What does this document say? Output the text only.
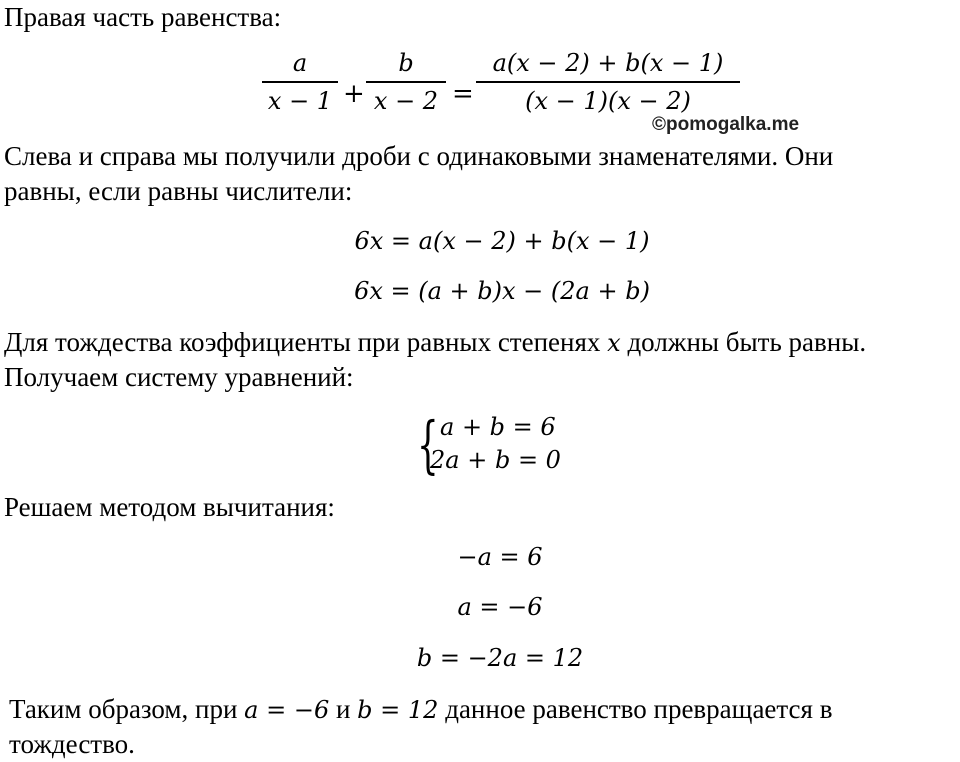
Правая часть равенства:
a
x − 1 +
b
x − 2 =
a(x − 2) + b(x − 1)
(x − 1)(x − 2)
©pomogalka.me
Слева и справа мы получили дроби с одинаковыми знаменателями. Они
равны, если равны числители:
6x = a(x − 2) + b(x − 1)
6x = (a + b)x − (2a + b)
Для тождества коэффициенты при равных степенях x должны быть равны.
Получаем систему уравнений:
{ a + b = 6
2a + b = 0
Решаем методом вычитания:
−a = 6
a = −6
b = −2a = 12
Таким образом, при a = −6 и b = 12 данное равенство превращается в
тождество.
